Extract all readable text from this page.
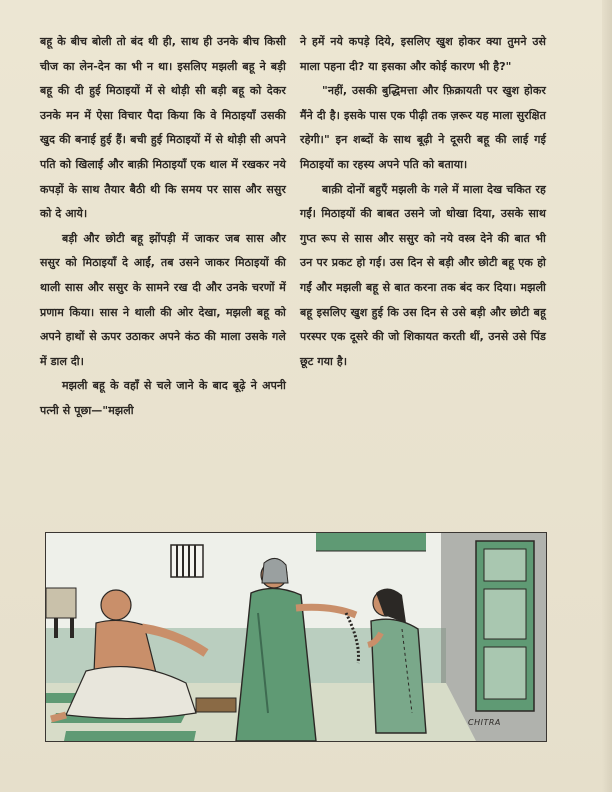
बहू के बीच बोली तो बंद थी ही, साथ ही उनके बीच किसी चीज का लेन-देन का भी न था। इसलिए मझली बहू ने बड़ी बहू की दी हुई मिठाइयों में से थोड़ी सी बड़ी बहू को देकर उनके मन में ऐसा विचार पैदा किया कि वे मिठाइयाँ उसकी खुद की बनाई हुई हैं। बची हुई मिठाइयों में से थोड़ी सी अपने पति को खिलाईं और बाक़ी मिठाइयाँ एक थाल में रखकर नये कपड़ों के साथ तैयार बैठी थी कि समय पर सास और ससुर को दे आये।

बड़ी और छोटी बहू झोंपड़ी में जाकर जब सास और ससुर को मिठाइयाँ दे आईं, तब उसने जाकर मिठाइयों की थाली सास और ससुर के सामने रख दी और उनके चरणों में प्रणाम किया। सास ने थाली की ओर देखा, मझली बहू को अपने हाथों से ऊपर उठाकर अपने कंठ की माला उसके गले में डाल दी।

मझली बहू के वहाँ से चले जाने के बाद बूढ़े ने अपनी पत्नी से पूछा—"मझली

ने हमें नये कपड़े दिये, इसलिए खुश होकर क्या तुमने उसे माला पहना दी? या इसका और कोई कारण भी है?"

"नहीं, उसकी बुद्धिमत्ता और फ़िक्रायती पर खुश होकर मैंने दी है। इसके पास एक पीढ़ी तक ज़रूर यह माला सुरक्षित रहेगी।" इन शब्दों के साथ बूढ़ी ने दूसरी बहू की लाई गई मिठाइयों का रहस्य अपने पति को बताया।

बाक़ी दोनों बहुएँ मझली के गले में माला देख चकित रह गईं। मिठाइयों की बाबत उसने जो धोखा दिया, उसके साथ गुप्त रूप से सास और ससुर को नये वस्त्र देने की बात भी उन पर प्रकट हो गई। उस दिन से बड़ी और छोटी बहू एक हो गईं और मझली बहू से बात करना तक बंद कर दिया। मझली बहू इसलिए खुश हुई कि उस दिन से उसे बड़ी और छोटी बहू परस्पर एक दूसरे की जो शिकायत करती थीं, उनसे उसे पिंड छूट गया है।

CHITRA
